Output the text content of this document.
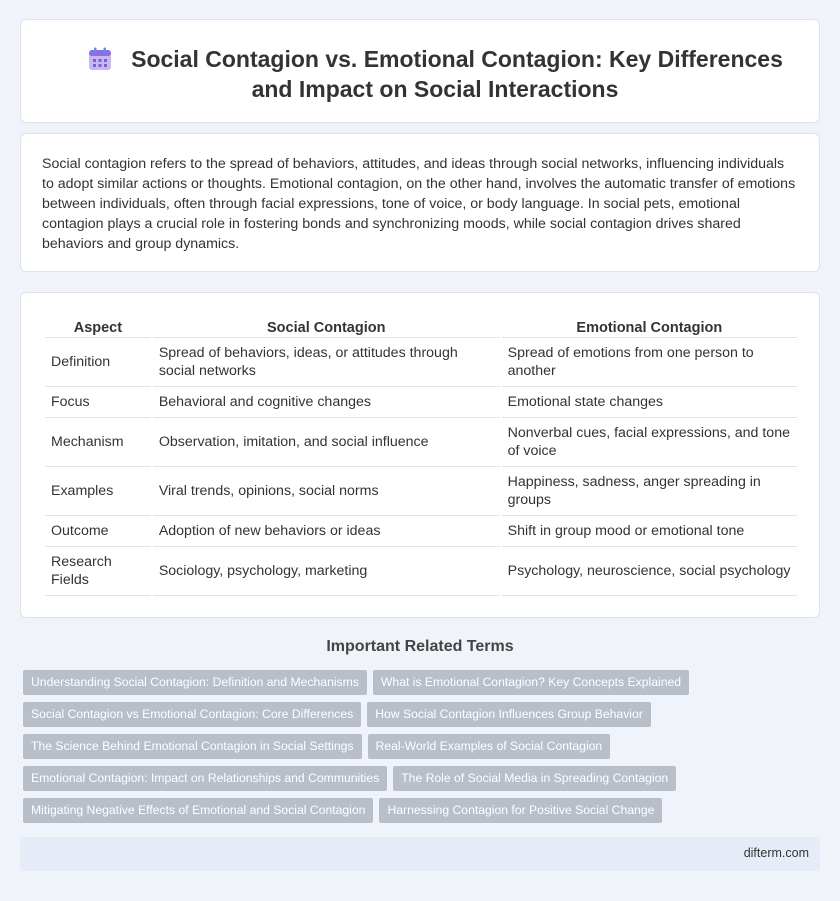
Social Contagion vs. Emotional Contagion: Key Differences and Impact on Social Interactions

Social contagion refers to the spread of behaviors, attitudes, and ideas through social networks, influencing individuals to adopt similar actions or thoughts. Emotional contagion, on the other hand, involves the automatic transfer of emotions between individuals, often through facial expressions, tone of voice, or body language. In social pets, emotional contagion plays a crucial role in fostering bonds and synchronizing moods, while social contagion drives shared behaviors and group dynamics.

Aspect	Social Contagion	Emotional Contagion
Definition	Spread of behaviors, ideas, or attitudes through social networks	Spread of emotions from one person to another
Focus	Behavioral and cognitive changes	Emotional state changes
Mechanism	Observation, imitation, and social influence	Nonverbal cues, facial expressions, and tone of voice
Examples	Viral trends, opinions, social norms	Happiness, sadness, anger spreading in groups
Outcome	Adoption of new behaviors or ideas	Shift in group mood or emotional tone
Research Fields	Sociology, psychology, marketing	Psychology, neuroscience, social psychology
Important Related Terms
Understanding Social Contagion: Definition and Mechanisms	What is Emotional Contagion? Key Concepts Explained
Social Contagion vs Emotional Contagion: Core Differences	How Social Contagion Influences Group Behavior
The Science Behind Emotional Contagion in Social Settings	Real-World Examples of Social Contagion
Emotional Contagion: Impact on Relationships and Communities	The Role of Social Media in Spreading Contagion
Mitigating Negative Effects of Emotional and Social Contagion	Harnessing Contagion for Positive Social Change
difterm.com
